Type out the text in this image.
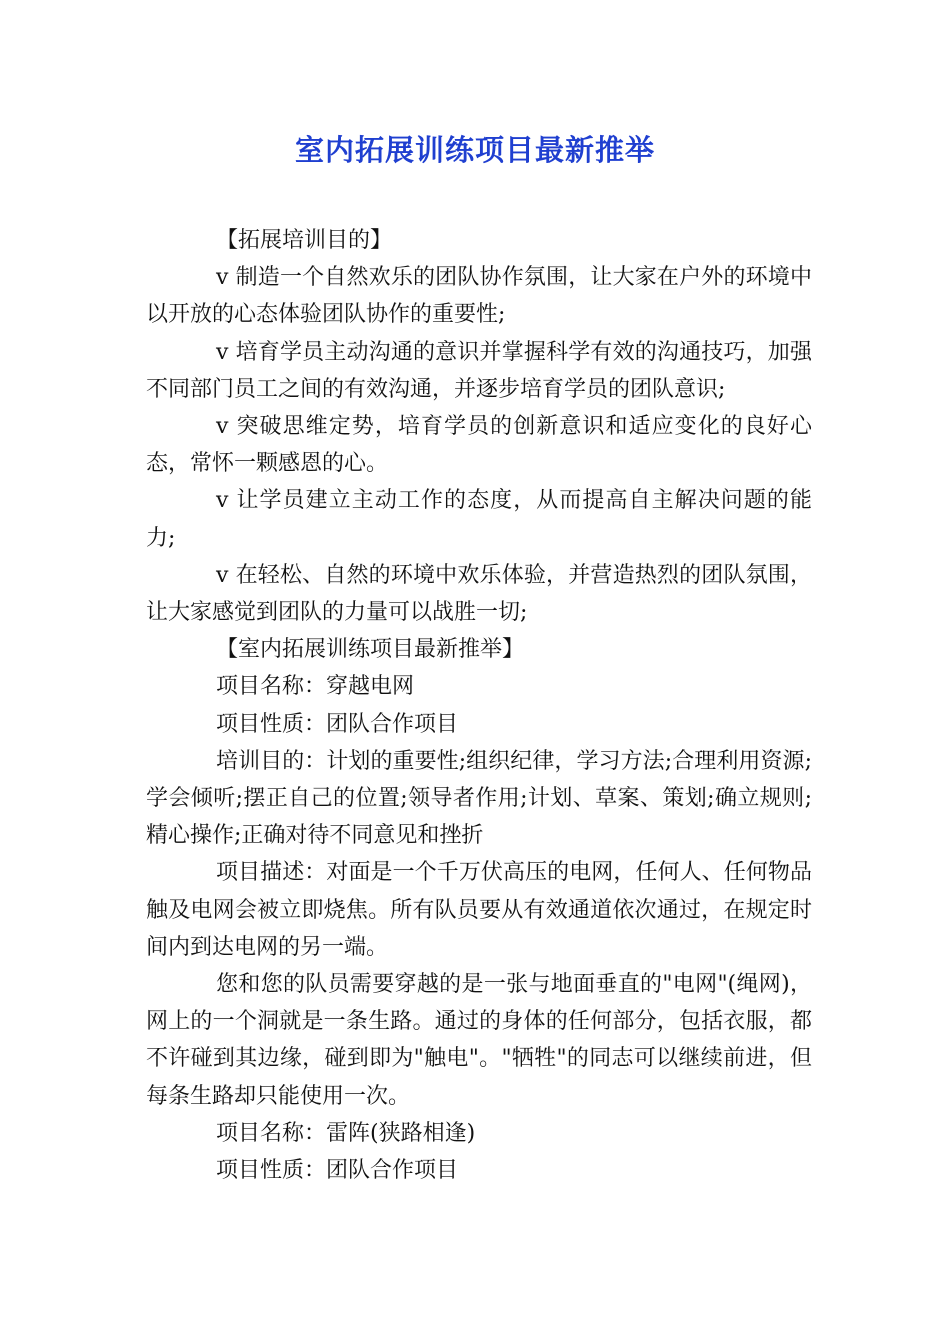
室内拓展训练项目最新推举

【拓展培训目的】

v 制造一个自然欢乐的团队协作氛围，让大家在户外的环境中以开放的心态体验团队协作的重要性;

v 培育学员主动沟通的意识并掌握科学有效的沟通技巧，加强不同部门员工之间的有效沟通，并逐步培育学员的团队意识;

v 突破思维定势，培育学员的创新意识和适应变化的良好心态，常怀一颗感恩的心。

v 让学员建立主动工作的态度，从而提高自主解决问题的能力;

v 在轻松、自然的环境中欢乐体验，并营造热烈的团队氛围，让大家感觉到团队的力量可以战胜一切;

【室内拓展训练项目最新推举】

项目名称：穿越电网

项目性质：团队合作项目

培训目的：计划的重要性;组织纪律，学习方法;合理利用资源;学会倾听;摆正自己的位置;领导者作用;计划、草案、策划;确立规则;精心操作;正确对待不同意见和挫折

项目描述：对面是一个千万伏高压的电网，任何人、任何物品触及电网会被立即烧焦。所有队员要从有效通道依次通过，在规定时间内到达电网的另一端。

您和您的队员需要穿越的是一张与地面垂直的"电网"(绳网)，网上的一个洞就是一条生路。通过的身体的任何部分，包括衣服，都不许碰到其边缘，碰到即为"触电"。"牺牲"的同志可以继续前进，但每条生路却只能使用一次。

项目名称：雷阵(狭路相逢)

项目性质：团队合作项目
